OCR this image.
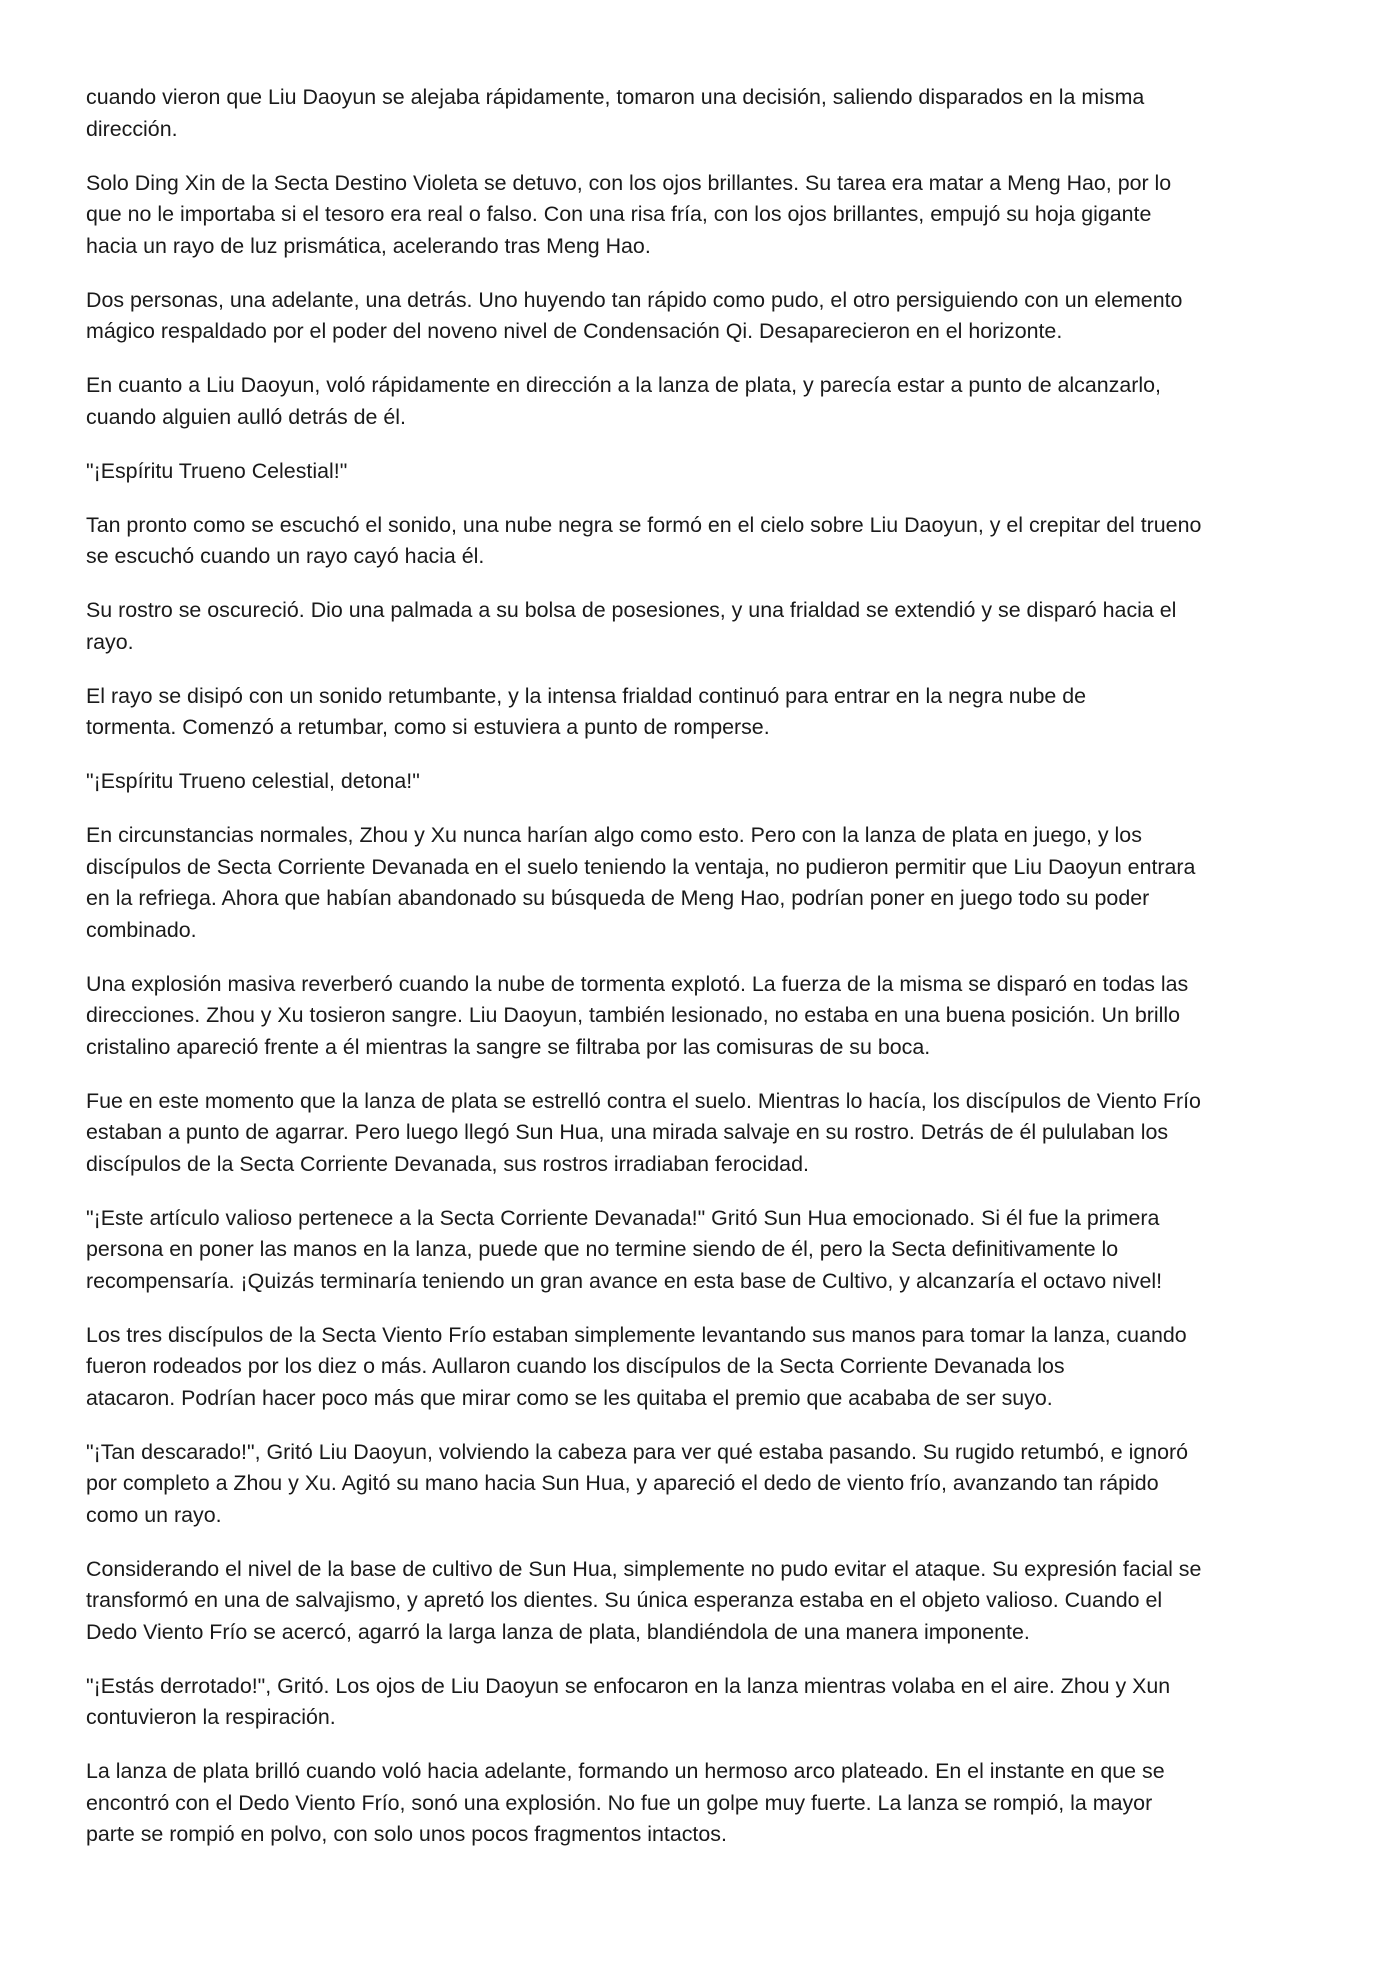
cuando vieron que Liu Daoyun se alejaba rápidamente, tomaron una decisión, saliendo disparados en la misma
dirección.

Solo Ding Xin de la Secta Destino Violeta se detuvo, con los ojos brillantes. Su tarea era matar a Meng Hao, por lo
que no le importaba si el tesoro era real o falso. Con una risa fría, con los ojos brillantes, empujó su hoja gigante
hacia un rayo de luz prismática, acelerando tras Meng Hao.

Dos personas, una adelante, una detrás. Uno huyendo tan rápido como pudo, el otro persiguiendo con un elemento
mágico respaldado por el poder del noveno nivel de Condensación Qi. Desaparecieron en el horizonte.

En cuanto a Liu Daoyun, voló rápidamente en dirección a la lanza de plata, y parecía estar a punto de alcanzarlo,
cuando alguien aulló detrás de él.

"¡Espíritu Trueno Celestial!"

Tan pronto como se escuchó el sonido, una nube negra se formó en el cielo sobre Liu Daoyun, y el crepitar del trueno
se escuchó cuando un rayo cayó hacia él.

Su rostro se oscureció. Dio una palmada a su bolsa de posesiones, y una frialdad se extendió y se disparó hacia el
rayo.

El rayo se disipó con un sonido retumbante, y la intensa frialdad continuó para entrar en la negra nube de
tormenta. Comenzó a retumbar, como si estuviera a punto de romperse.

"¡Espíritu Trueno celestial, detona!"

En circunstancias normales, Zhou y Xu nunca harían algo como esto. Pero con la lanza de plata en juego, y los
discípulos de Secta Corriente Devanada en el suelo teniendo la ventaja, no pudieron permitir que Liu Daoyun entrara
en la refriega. Ahora que habían abandonado su búsqueda de Meng Hao, podrían poner en juego todo su poder
combinado.

Una explosión masiva reverberó cuando la nube de tormenta explotó. La fuerza de la misma se disparó en todas las
direcciones. Zhou y Xu tosieron sangre. Liu Daoyun, también lesionado, no estaba en una buena posición. Un brillo
cristalino apareció frente a él mientras la sangre se filtraba por las comisuras de su boca.

Fue en este momento que la lanza de plata se estrelló contra el suelo. Mientras lo hacía, los discípulos de Viento Frío
estaban a punto de agarrar. Pero luego llegó Sun Hua, una mirada salvaje en su rostro. Detrás de él pululaban los
discípulos de la Secta Corriente Devanada, sus rostros irradiaban ferocidad.

"¡Este artículo valioso pertenece a la Secta Corriente Devanada!" Gritó Sun Hua emocionado. Si él fue la primera
persona en poner las manos en la lanza, puede que no termine siendo de él, pero la Secta definitivamente lo
recompensaría. ¡Quizás terminaría teniendo un gran avance en esta base de Cultivo, y alcanzaría el octavo nivel!

Los tres discípulos de la Secta Viento Frío estaban simplemente levantando sus manos para tomar la lanza, cuando
fueron rodeados por los diez o más. Aullaron cuando los discípulos de la Secta Corriente Devanada los
atacaron. Podrían hacer poco más que mirar como se les quitaba el premio que acababa de ser suyo.

"¡Tan descarado!", Gritó Liu Daoyun, volviendo la cabeza para ver qué estaba pasando. Su rugido retumbó, e ignoró
por completo a Zhou y Xu. Agitó su mano hacia Sun Hua, y apareció el dedo de viento frío, avanzando tan rápido
como un rayo.

Considerando el nivel de la base de cultivo de Sun Hua, simplemente no pudo evitar el ataque. Su expresión facial se
transformó en una de salvajismo, y apretó los dientes. Su única esperanza estaba en el objeto valioso. Cuando el
Dedo Viento Frío se acercó, agarró la larga lanza de plata, blandiéndola de una manera imponente.

"¡Estás derrotado!", Gritó. Los ojos de Liu Daoyun se enfocaron en la lanza mientras volaba en el aire. Zhou y Xun
contuvieron la respiración.

La lanza de plata brilló cuando voló hacia adelante, formando un hermoso arco plateado. En el instante en que se
encontró con el Dedo Viento Frío, sonó una explosión. No fue un golpe muy fuerte. La lanza se rompió, la mayor
parte se rompió en polvo, con solo unos pocos fragmentos intactos.
